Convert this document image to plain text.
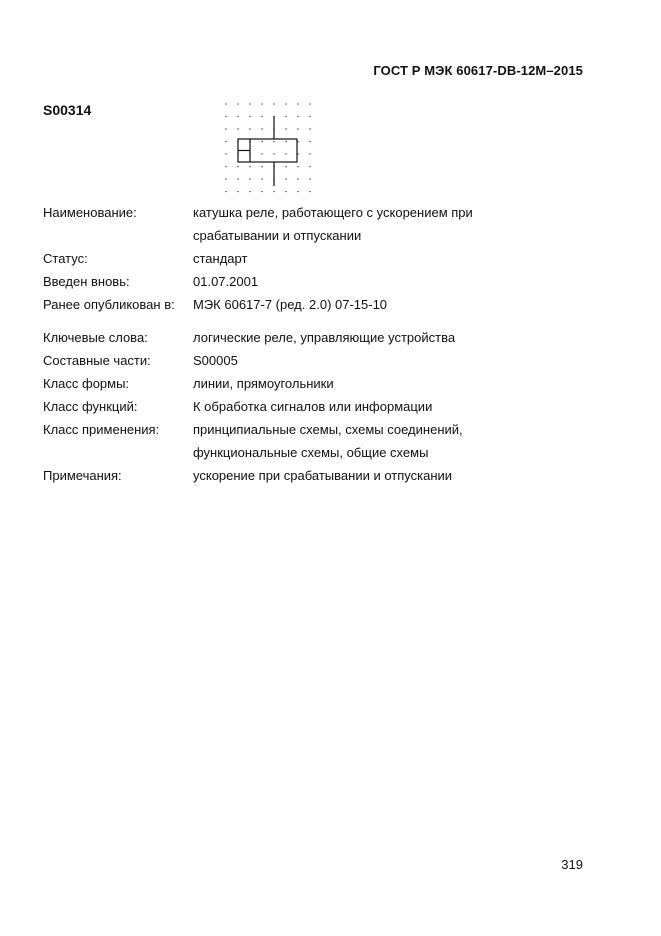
ГОСТ Р МЭК 60617-DB-12M–2015
S00314
Наименование:	катушка реле, работающего с ускорением при
срабатывании и отпускании
Статус:	стандарт
Введен вновь:	01.07.2001
Ранее опубликован в:	МЭК 60617-7 (ред. 2.0) 07-15-10
Ключевые слова:	логические реле, управляющие устройства
Составные части:	S00005
Класс формы:	линии, прямоугольники
Класс функций:	К обработка сигналов или информации
Класс применения:	принципиальные схемы, схемы соединений,
функциональные схемы, общие схемы
Примечания:	ускорение при срабатывании и отпускании
319
